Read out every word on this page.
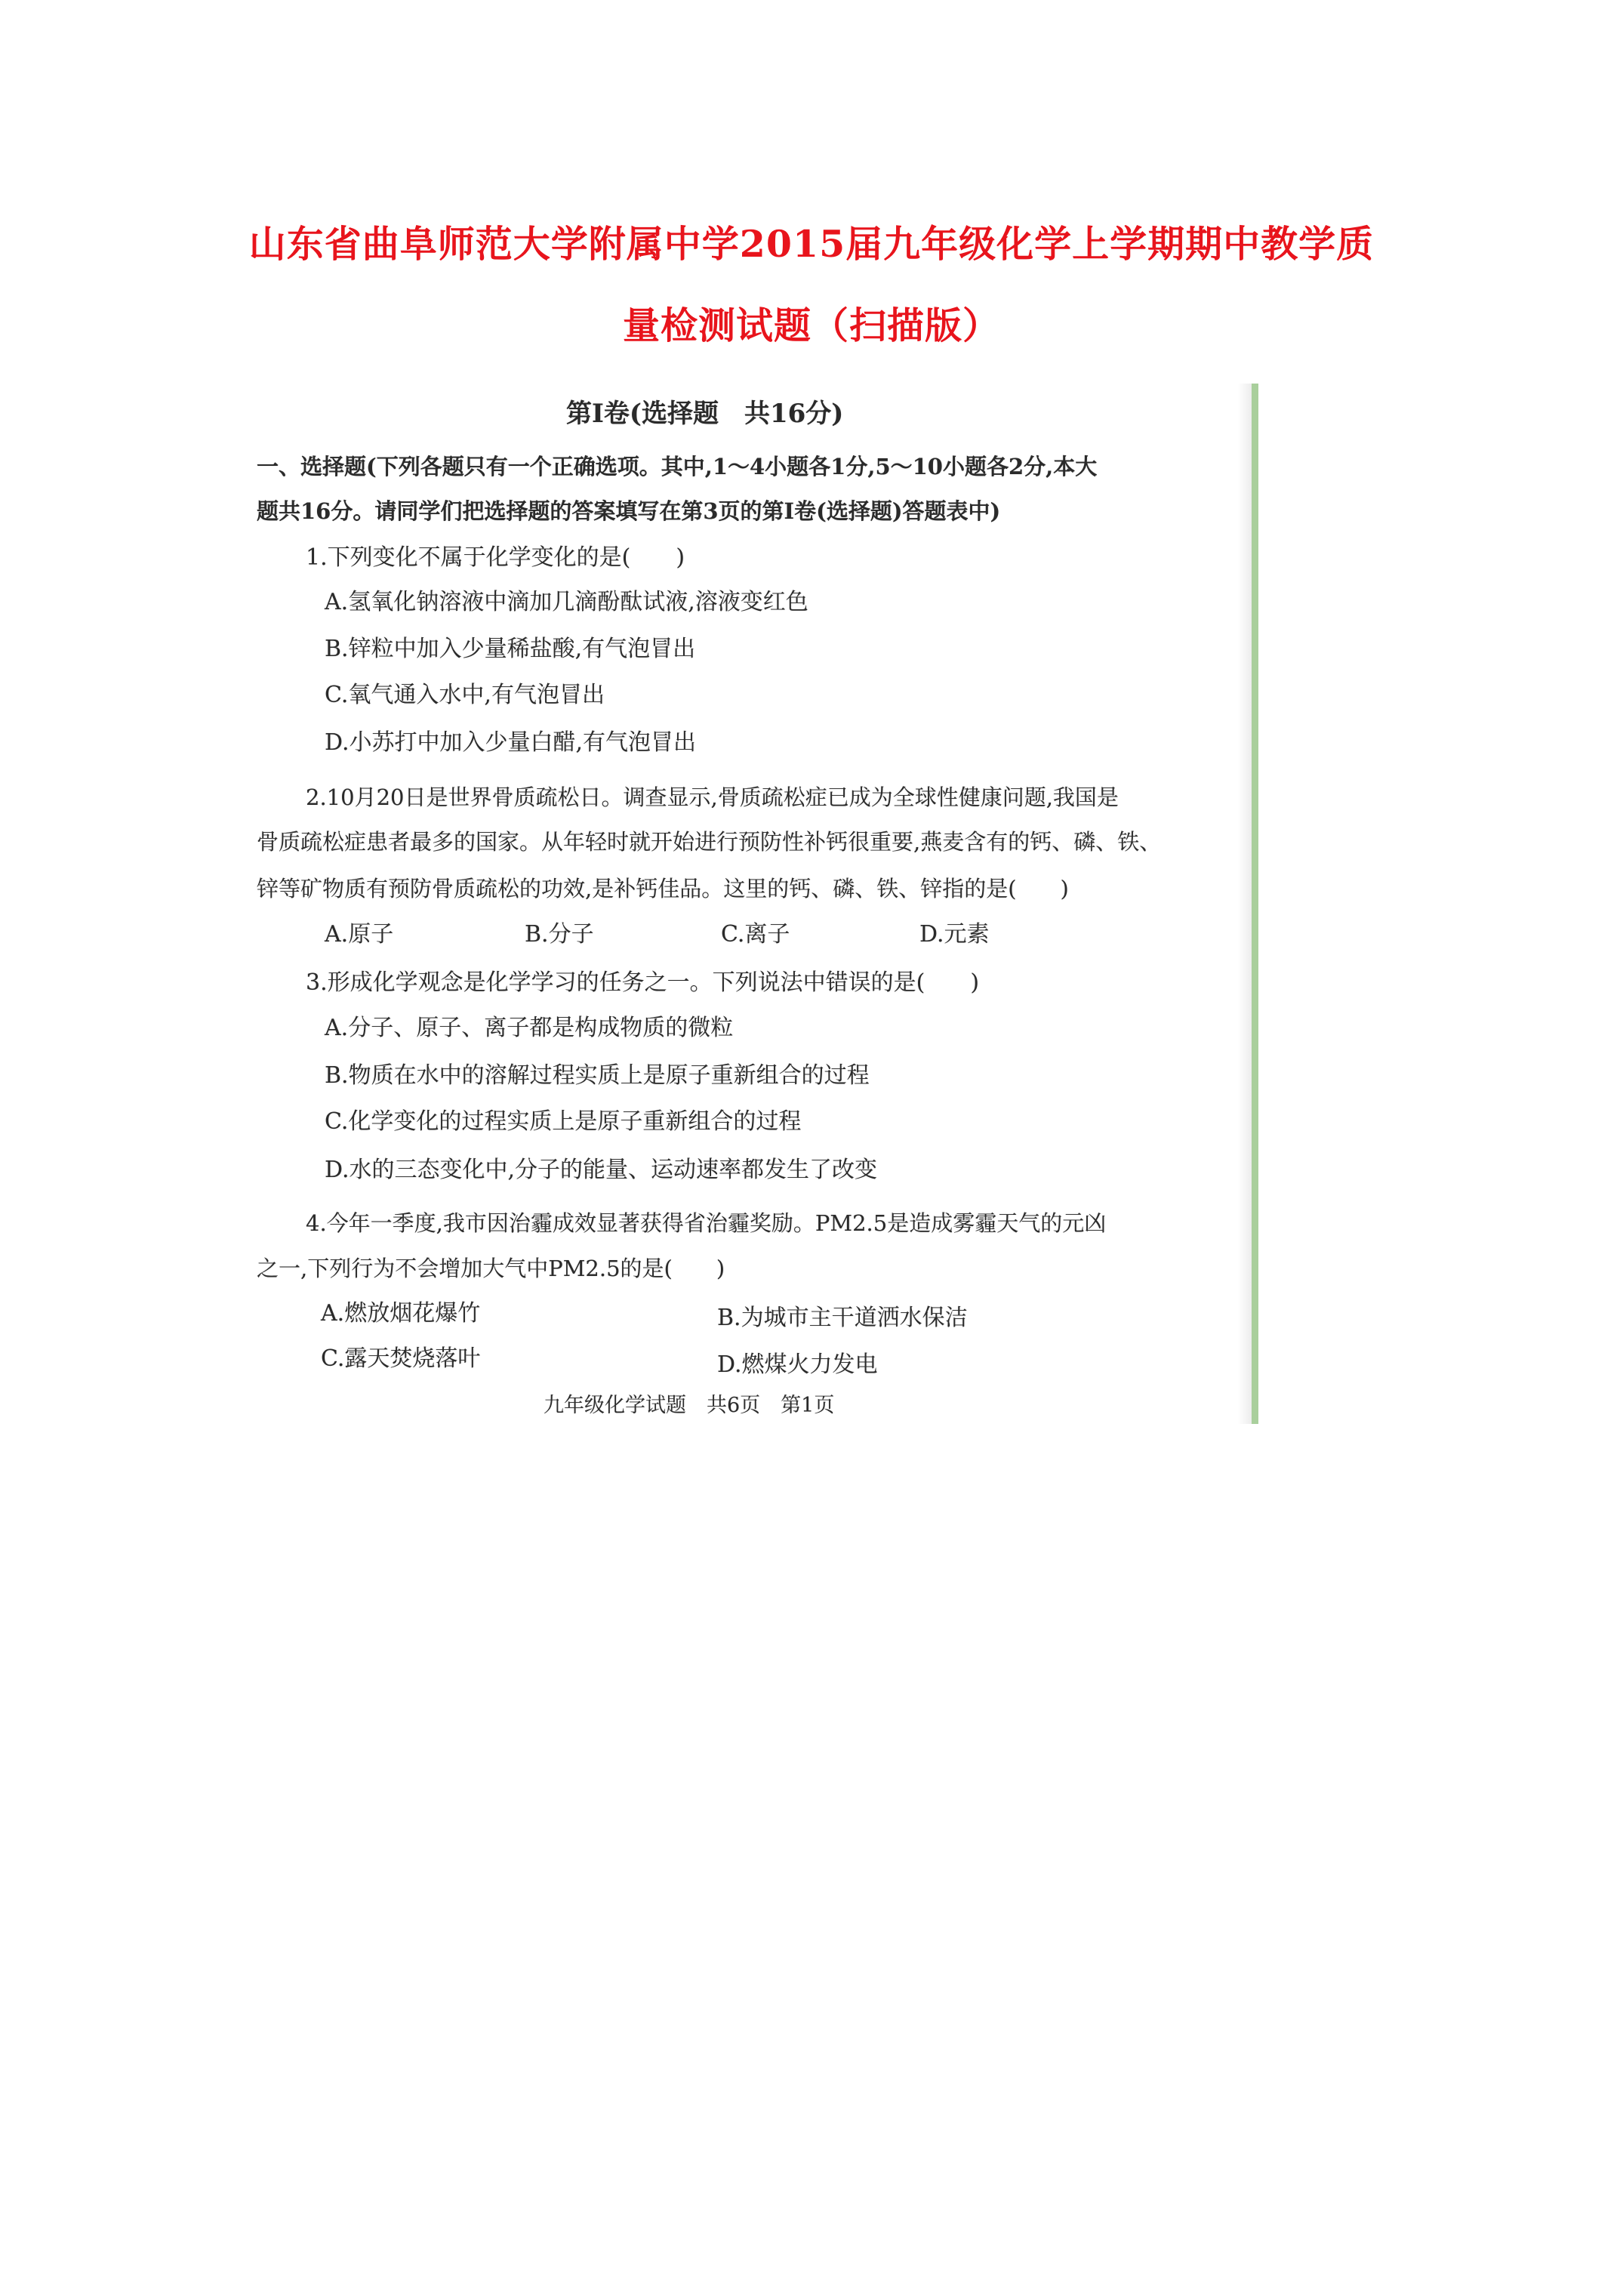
山东省曲阜师范大学附属中学2015届九年级化学上学期期中教学质
量检测试题（扫描版）
第Ⅰ卷(选择题　共16分)
一、选择题(下列各题只有一个正确选项。其中,1～4小题各1分,5～10小题各2分,本大
题共16分。请同学们把选择题的答案填写在第3页的第Ⅰ卷(选择题)答题表中)
1.下列变化不属于化学变化的是(　　)
A.氢氧化钠溶液中滴加几滴酚酞试液,溶液变红色
B.锌粒中加入少量稀盐酸,有气泡冒出
C.氧气通入水中,有气泡冒出
D.小苏打中加入少量白醋,有气泡冒出
2.10月20日是世界骨质疏松日。调查显示,骨质疏松症已成为全球性健康问题,我国是
骨质疏松症患者最多的国家。从年轻时就开始进行预防性补钙很重要,燕麦含有的钙、磷、铁、
锌等矿物质有预防骨质疏松的功效,是补钙佳品。这里的钙、磷、铁、锌指的是(　　)
A.原子	B.分子	C.离子	D.元素
3.形成化学观念是化学学习的任务之一。下列说法中错误的是(　　)
A.分子、原子、离子都是构成物质的微粒
B.物质在水中的溶解过程实质上是原子重新组合的过程
C.化学变化的过程实质上是原子重新组合的过程
D.水的三态变化中,分子的能量、运动速率都发生了改变
4.今年一季度,我市因治霾成效显著获得省治霾奖励。PM2.5是造成雾霾天气的元凶
之一,下列行为不会增加大气中PM2.5的是(　　)
A.燃放烟花爆竹	B.为城市主干道洒水保洁
C.露天焚烧落叶	D.燃煤火力发电
九年级化学试题　共6页　第1页
